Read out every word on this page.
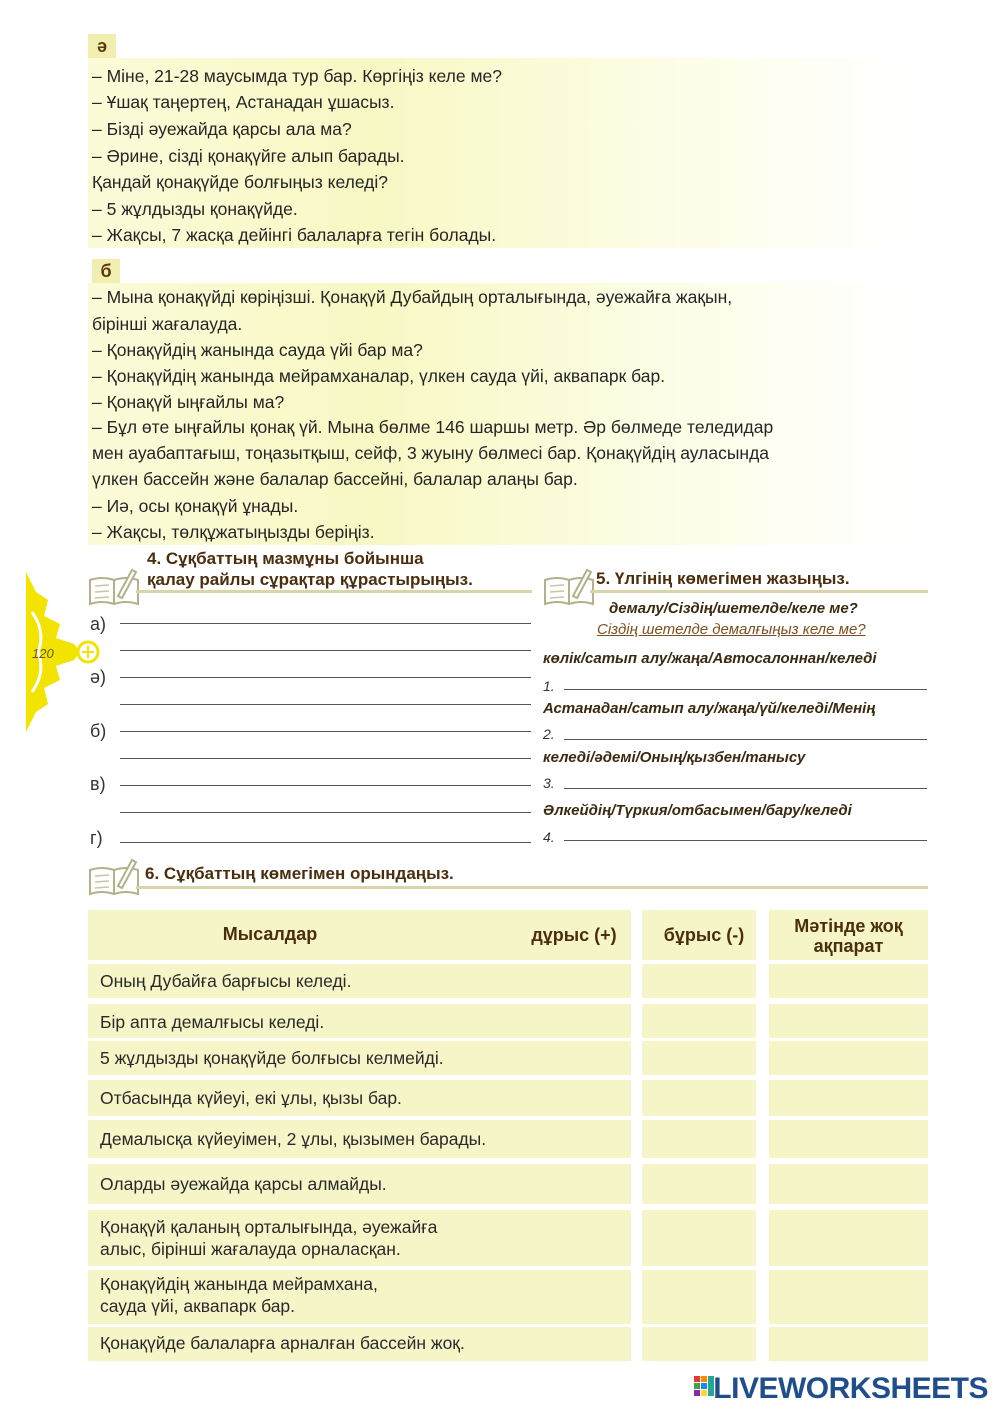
ә
– Міне, 21-28 маусымда тур бар. Көргіңіз келе ме?
– Ұшақ таңертең, Астанадан ұшасыз.
– Бізді әуежайда қарсы ала ма?
– Әрине, сізді қонақүйге алып барады.
Қандай қонақүйде болғыңыз келеді?
– 5 жұлдызды қонақүйде.
– Жақсы, 7 жасқа дейінгі балаларға тегін болады.
б
– Мына қонақүйді көріңізші. Қонақүй Дубайдың орталығында, әуежайға жақын,
бірінші жағалауда.
– Қонақүйдің жанында сауда үйі бар ма?
– Қонақүйдің жанында мейрамханалар, үлкен сауда үйі, аквапарк бар.
– Қонақүй ыңғайлы ма?
– Бұл өте ыңғайлы қонақ үй. Мына бөлме 146 шаршы метр. Әр бөлмеде теледидар
мен ауабаптағыш, тоңазытқыш, сейф, 3 жуыну бөлмесі бар. Қонақүйдің ауласында
үлкен бассейн және балалар бассейні, балалар алаңы бар.
– Иә, осы қонақүй ұнады.
– Жақсы, төлқұжатыңызды беріңіз.
120
4. Сұқбаттың мазмұны бойынша
қалау райлы сұрақтар құрастырыңыз.
а)
ә)
б)
в)
г)
5. Үлгінің көмегімен жазыңыз.
демалу/Сіздің/шетелде/келе ме?
Сіздің шетелде демалғыңыз келе ме?
көлік/сатып алу/жаңа/Автосалоннан/келеді
1.
Астанадан/сатып алу/жаңа/үй/келеді/Менің
2.
келеді/әдемі/Оның/қызбен/танысу
3.
Әлкейдің/Түркия/отбасымен/бару/келеді
4.
6. Сұқбаттың көмегімен орындаңыз.
Мысалдар	дұрыс (+)	бұрыс (-)	Мәтінде жоқ
ақпарат
Оның Дубайға барғысы келеді.
Бір апта демалғысы келеді.
5 жұлдызды қонақүйде болғысы келмейді.
Отбасында күйеуі, екі ұлы, қызы бар.
Демалысқа күйеуімен, 2 ұлы, қызымен барады.
Оларды әуежайда қарсы алмайды.
Қонақүй қаланың орталығында, әуежайға
алыс, бірінші жағалауда орналасқан.
Қонақүйдің жанында мейрамхана,
сауда үйі, аквапарк бар.
Қонақүйде балаларға арналған бассейн жоқ.
LIVEWORKSHEETS
